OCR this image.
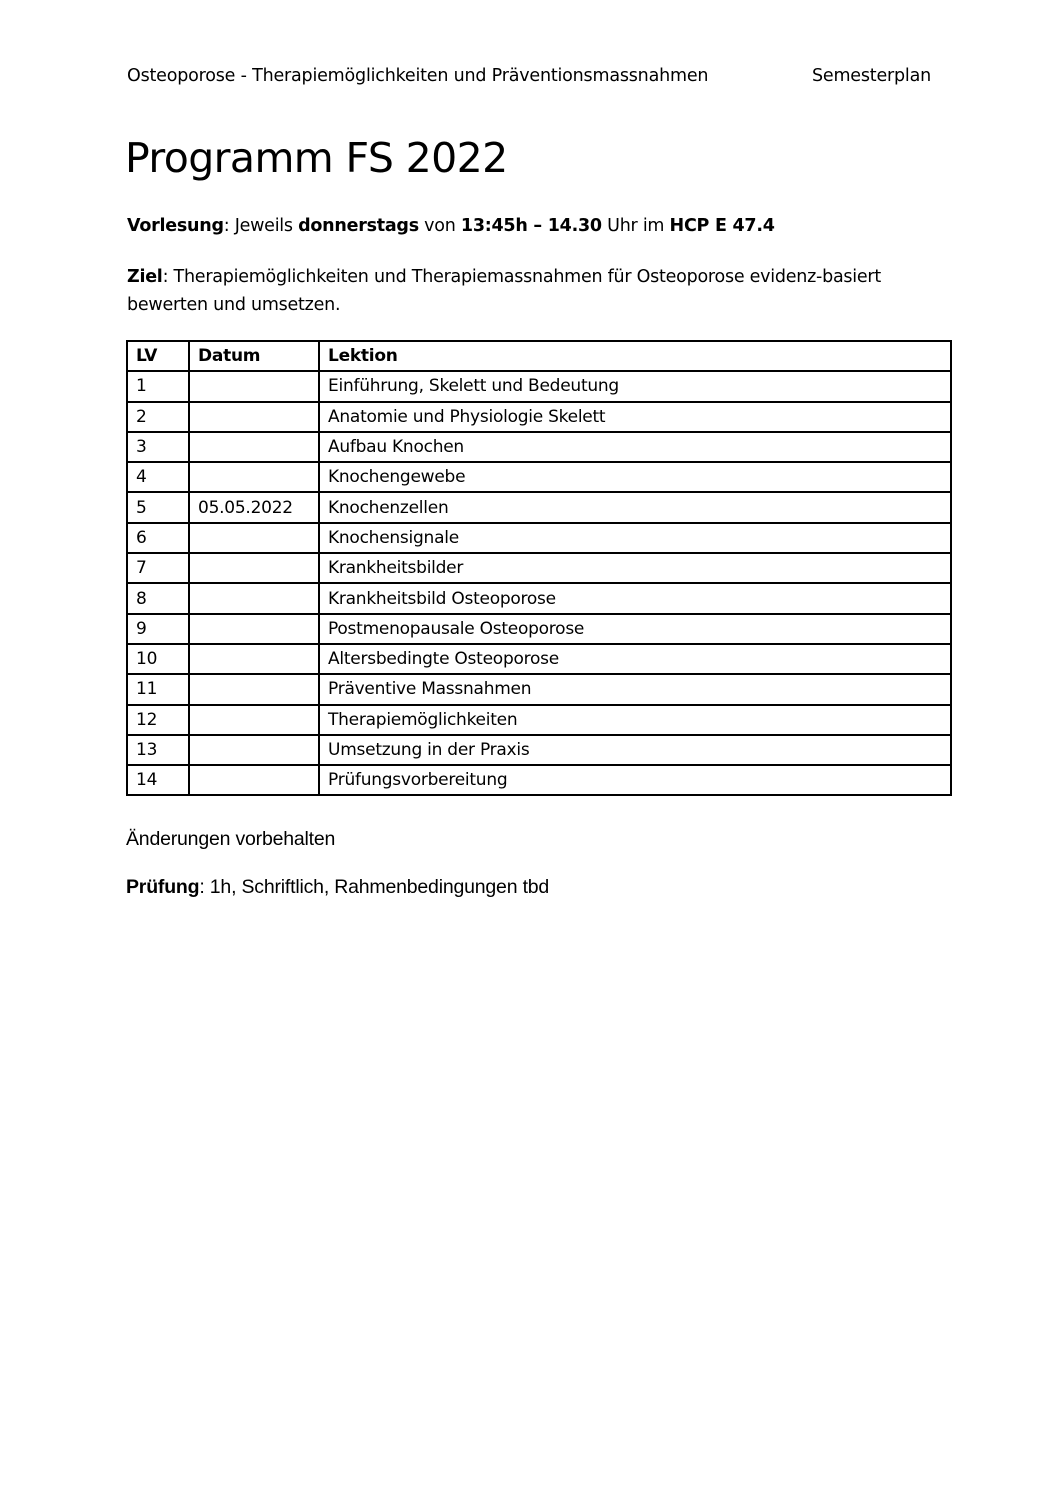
Osteoporose - Therapiemöglichkeiten und Präventionsmassnahmen	Semesterplan
Programm FS 2022

Vorlesung: Jeweils donnerstags von 13:45h – 14.30 Uhr im HCP E 47.4

Ziel: Therapiemöglichkeiten und Therapiemassnahmen für Osteoporose evidenz-basiert bewerten und umsetzen.

LV	Datum	Lektion
1		Einführung, Skelett und Bedeutung
2		Anatomie und Physiologie Skelett
3		Aufbau Knochen
4		Knochengewebe
5	05.05.2022	Knochenzellen
6		Knochensignale
7		Krankheitsbilder
8		Krankheitsbild Osteoporose
9		Postmenopausale Osteoporose
10		Altersbedingte Osteoporose
11		Präventive Massnahmen
12		Therapiemöglichkeiten
13		Umsetzung in der Praxis
14		Prüfungsvorbereitung
Änderungen vorbehalten
Prüfung: 1h, Schriftlich, Rahmenbedingungen tbd
